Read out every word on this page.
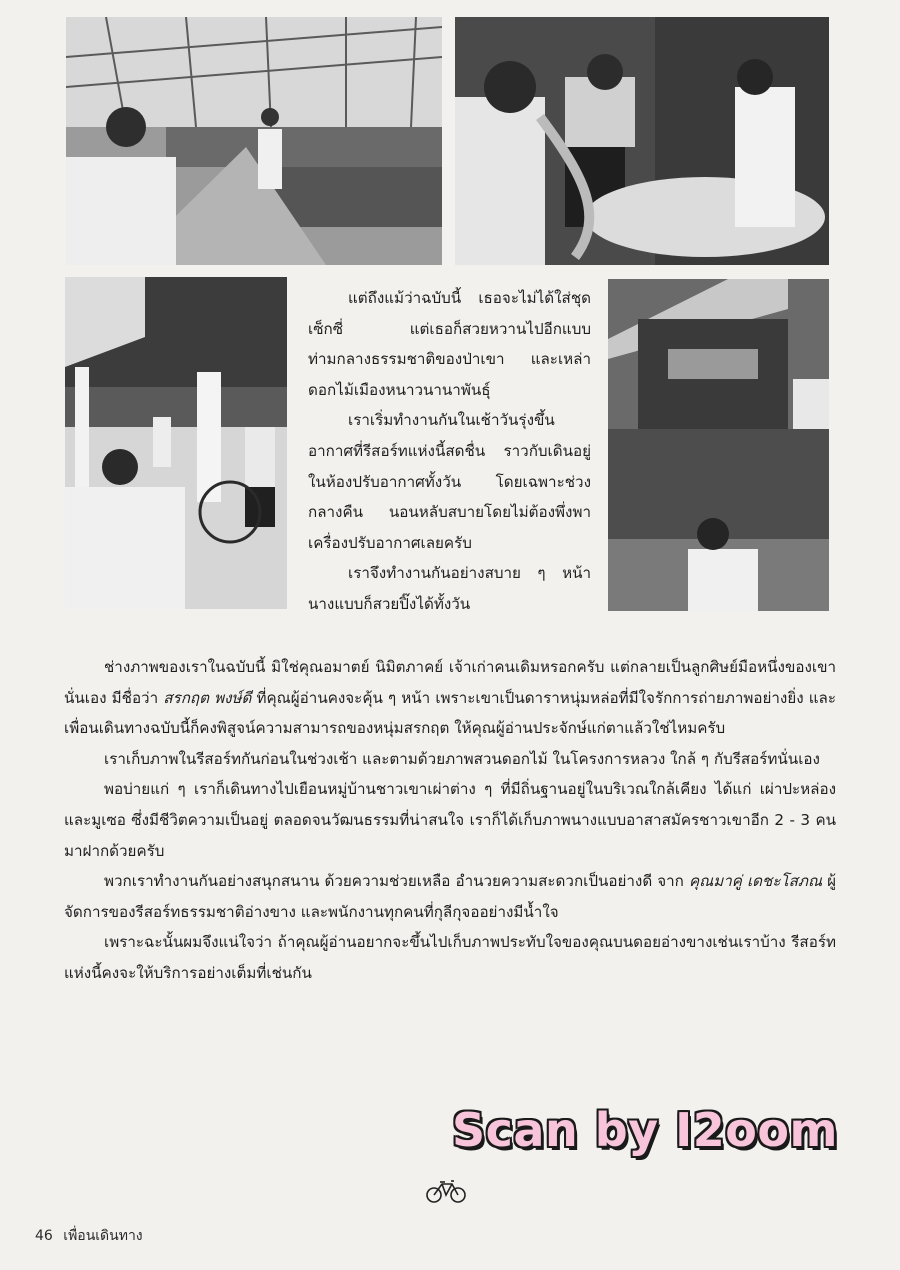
แต่ถึงแม้ว่าฉบับนี้ เธอจะไม่ได้ใส่ชุดเซ็กซี่ แต่เธอก็สวยหวานไปอีกแบบท่ามกลางธรรมชาติของป่าเขา และเหล่าดอกไม้เมืองหนาวนานาพันธุ์

เราเริ่มทำงานกันในเช้าวันรุ่งขึ้น อากาศที่รีสอร์ทแห่งนี้สดชื่น ราวกับเดินอยู่ในห้องปรับอากาศทั้งวัน โดยเฉพาะช่วงกลางคืน นอนหลับสบายโดยไม่ต้องพึ่งพาเครื่องปรับอากาศเลยครับ

เราจึงทำงานกันอย่างสบาย ๆ หน้านางแบบก็สวยปิ๊งได้ทั้งวัน

ช่างภาพของเราในฉบับนี้ มิใช่คุณอมาตย์ นิมิตภาคย์ เจ้าเก่าคนเดิมหรอกครับ แต่กลายเป็นลูกศิษย์มือหนึ่งของเขานั่นเอง มีชื่อว่า สรกฤต พงษ์ดี ที่คุณผู้อ่านคงจะคุ้น ๆ หน้า เพราะเขาเป็นดาราหนุ่มหล่อที่มีใจรักการถ่ายภาพอย่างยิ่ง และเพื่อนเดินทางฉบับนี้ก็คงพิสูจน์ความสามารถของหนุ่มสรกฤต ให้คุณผู้อ่านประจักษ์แก่ตาแล้วใช่ไหมครับ

เราเก็บภาพในรีสอร์ทกันก่อนในช่วงเช้า และตามด้วยภาพสวนดอกไม้ ในโครงการหลวง ใกล้ ๆ กับรีสอร์ทนั่นเอง

พอบ่ายแก่ ๆ เราก็เดินทางไปเยือนหมู่บ้านชาวเขาเผ่าต่าง ๆ ที่มีถิ่นฐานอยู่ในบริเวณใกล้เคียง ได้แก่ เผ่าปะหล่อง และมูเซอ ซึ่งมีชีวิตความเป็นอยู่ ตลอดจนวัฒนธรรมที่น่าสนใจ เราก็ได้เก็บภาพนางแบบอาสาสมัครชาวเขาอีก 2 - 3 คน มาฝากด้วยครับ

พวกเราทำงานกันอย่างสนุกสนาน ด้วยความช่วยเหลือ อำนวยความสะดวกเป็นอย่างดี จาก คุณมาคู่ เดชะโสภณ ผู้จัดการของรีสอร์ทธรรมชาติอ่างขาง และพนักงานทุกคนที่กุลีกุจออย่างมีน้ำใจ

เพราะฉะนั้นผมจึงแน่ใจว่า ถ้าคุณผู้อ่านอยากจะขึ้นไปเก็บภาพประทับใจของคุณบนดอยอ่างขางเช่นเราบ้าง รีสอร์ทแห่งนี้คงจะให้บริการอย่างเต็มที่เช่นกัน

Scan by I2oom
46 เพื่อนเดินทาง
